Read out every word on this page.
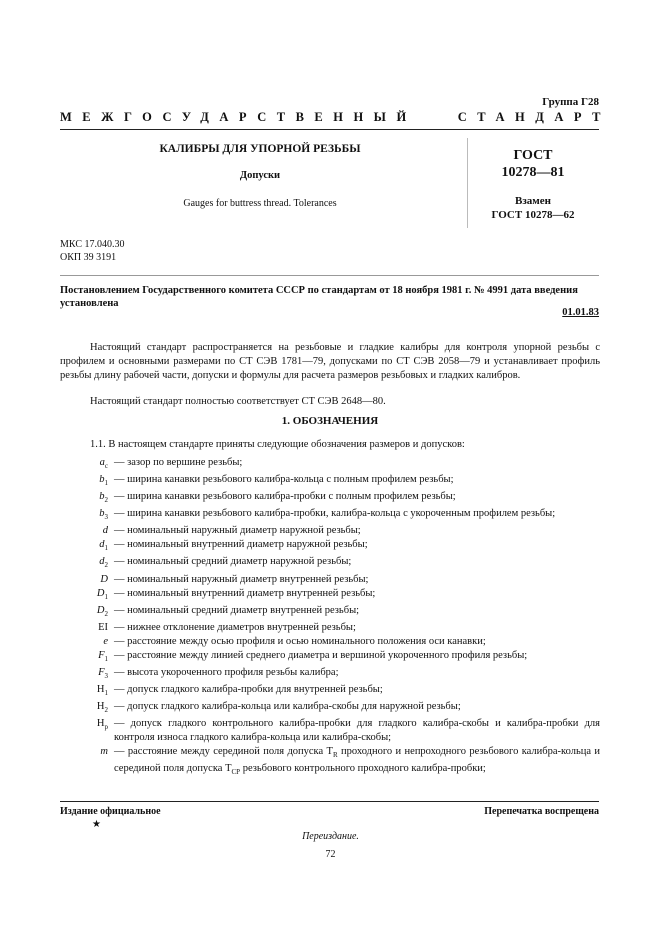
Группа Г28
МЕЖГОСУДАРСТВЕННЫЙ	СТАНДАРТ
КАЛИБРЫ ДЛЯ УПОРНОЙ РЕЗЬБЫ
Допуски
Gauges for buttress thread. Tolerances
ГОСТ
10278—81
Взамен
ГОСТ 10278—62
МКС 17.040.30
ОКП 39 3191
Постановлением Государственного комитета СССР по стандартам от 18 ноября 1981 г. № 4991 дата введения установлена
01.01.83
Настоящий стандарт распространяется на резьбовые и гладкие калибры для контроля упорной резьбы с профилем и основными размерами по СТ СЭВ 1781—79, допусками по СТ СЭВ 2058—79 и устанавливает профиль резьбы длину рабочей части, допуски и формулы для расчета размеров резьбовых и гладких калибров.
Настоящий стандарт полностью соответствует СТ СЭВ 2648—80.
1. ОБОЗНАЧЕНИЯ
1.1. В настоящем стандарте приняты следующие обозначения размеров и допусков:
$a_c$ — зазор по вершине резьбы;
$b_1$ — ширина канавки резьбового калибра-кольца с полным профилем резьбы;
$b_2$ — ширина канавки резьбового калибра-пробки с полным профилем резьбы;
$b_3$ — ширина канавки резьбового калибра-пробки, калибра-кольца с укороченным профилем резьбы;
d — номинальный наружный диаметр наружной резьбы;
$d_1$ — номинальный внутренний диаметр наружной резьбы;
$d_2$ — номинальный средний диаметр наружной резьбы;
D — номинальный наружный диаметр внутренней резьбы;
$D_1$ — номинальный внутренний диаметр внутренней резьбы;
$D_2$ — номинальный средний диаметр внутренней резьбы;
EI — нижнее отклонение диаметров внутренней резьбы;
e — расстояние между осью профиля и осью номинального положения оси канавки;
$F_1$ — расстояние между линией среднего диаметра и вершиной укороченного профиля резьбы;
$F_3$ — высота укороченного профиля резьбы калибра;
$H_1$ — допуск гладкого калибра-пробки для внутренней резьбы;
$H_2$ — допуск гладкого калибра-кольца или калибра-скобы для наружной резьбы;
$H_p$ — допуск гладкого контрольного калибра-пробки для гладкого калибра-скобы и калибра-пробки для контроля износа гладкого калибра-кольца или калибра-скобы;
m — расстояние между серединой поля допуска $T_R$ проходного и непроходного резьбового калибра-кольца и серединой поля допуска $T_{CP}$ резьбового контрольного проходного калибра-пробки;
Издание официальное	Перепечатка воспрещена
★
Переиздание.
72
